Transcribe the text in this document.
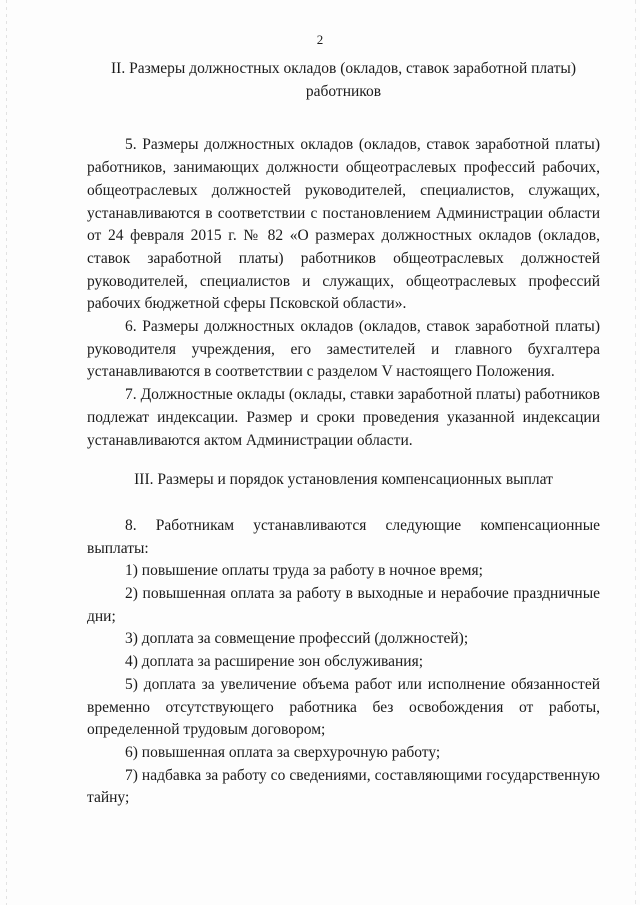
2

II. Размеры должностных окладов (окладов, ставок заработной платы) работников

5. Размеры должностных окладов (окладов, ставок заработной платы) работников, занимающих должности общеотраслевых профессий рабочих, общеотраслевых должностей руководителей, специалистов, служащих, устанавливаются в соответствии с постановлением Администрации области от 24 февраля 2015 г. № 82 «О размерах должностных окладов (окладов, ставок заработной платы) работников общеотраслевых должностей руководителей, специалистов и служащих, общеотраслевых профессий рабочих бюджетной сферы Псковской области».

6. Размеры должностных окладов (окладов, ставок заработной платы) руководителя учреждения, его заместителей и главного бухгалтера устанавливаются в соответствии с разделом V настоящего Положения.

7. Должностные оклады (оклады, ставки заработной платы) работников подлежат индексации. Размер и сроки проведения указанной индексации устанавливаются актом Администрации области.

III. Размеры и порядок установления компенсационных выплат

8. Работникам устанавливаются следующие компенсационные выплаты:

1) повышение оплаты труда за работу в ночное время;

2) повышенная оплата за работу в выходные и нерабочие праздничные дни;

3) доплата за совмещение профессий (должностей);

4) доплата за расширение зон обслуживания;

5) доплата за увеличение объема работ или исполнение обязанностей временно отсутствующего работника без освобождения от работы, определенной трудовым договором;

6) повышенная оплата за сверхурочную работу;

7) надбавка за работу со сведениями, составляющими государственную тайну;
